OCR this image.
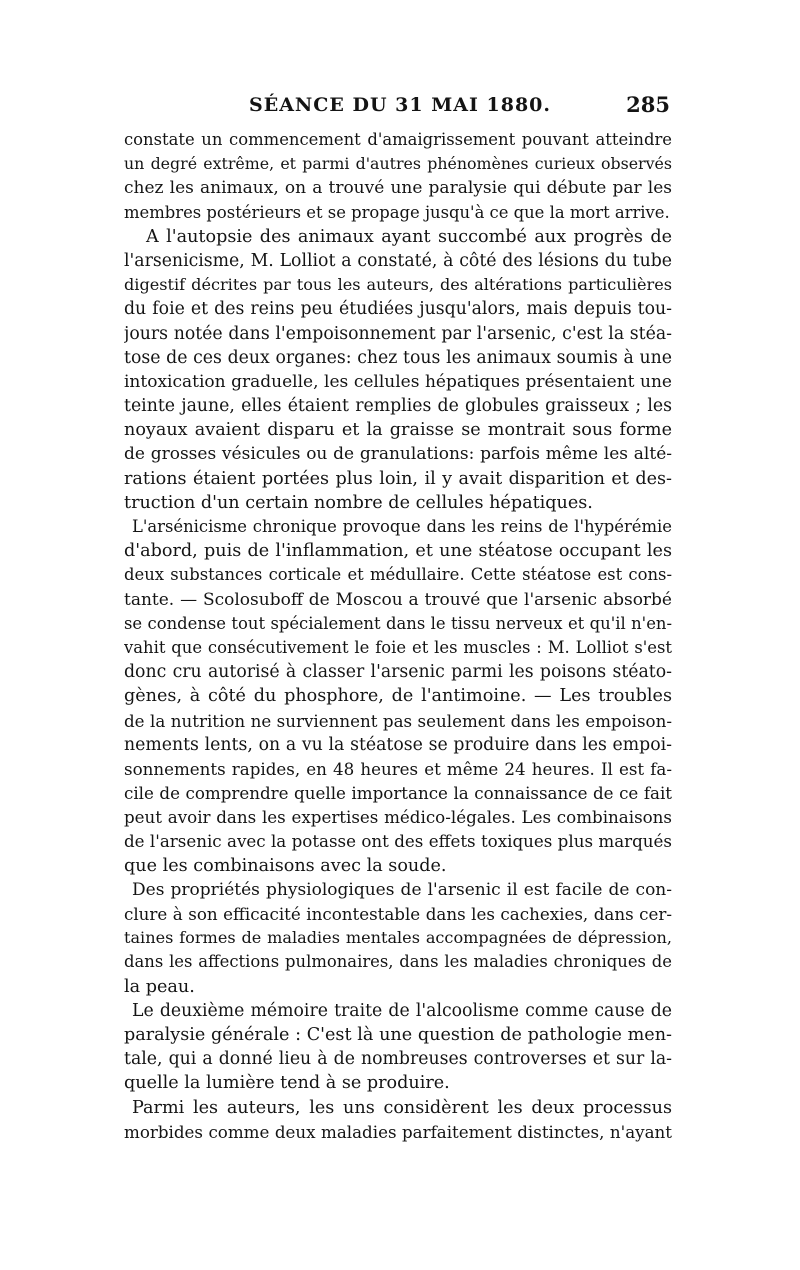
SÉANCE DU 31 MAI 1880.	285
constate un commencement d'amaigrissement pouvant atteindre
un degré extrême, et parmi d'autres phénomènes curieux observés
chez les animaux, on a trouvé une paralysie qui débute par les
membres postérieurs et se propage jusqu'à ce que la mort arrive.
A l'autopsie des animaux ayant succombé aux progrès de
l'arsenicisme, M. Lolliot a constaté, à côté des lésions du tube
digestif décrites par tous les auteurs, des altérations particulières
du foie et des reins peu étudiées jusqu'alors, mais depuis tou-
jours notée dans l'empoisonnement par l'arsenic, c'est la stéa-
tose de ces deux organes: chez tous les animaux soumis à une
intoxication graduelle, les cellules hépatiques présentaient une
teinte jaune, elles étaient remplies de globules graisseux ; les
noyaux avaient disparu et la graisse se montrait sous forme
de grosses vésicules ou de granulations: parfois même les alté-
rations étaient portées plus loin, il y avait disparition et des-
truction d'un certain nombre de cellules hépatiques.
L'arsénicisme chronique provoque dans les reins de l'hypérémie
d'abord, puis de l'inflammation, et une stéatose occupant les
deux substances corticale et médullaire. Cette stéatose est cons-
tante. — Scolosuboff de Moscou a trouvé que l'arsenic absorbé
se condense tout spécialement dans le tissu nerveux et qu'il n'en-
vahit que consécutivement le foie et les muscles : M. Lolliot s'est
donc cru autorisé à classer l'arsenic parmi les poisons stéato-
gènes, à côté du phosphore, de l'antimoine. — Les troubles
de la nutrition ne surviennent pas seulement dans les empoison-
nements lents, on a vu la stéatose se produire dans les empoi-
sonnements rapides, en 48 heures et même 24 heures. Il est fa-
cile de comprendre quelle importance la connaissance de ce fait
peut avoir dans les expertises médico-légales. Les combinaisons
de l'arsenic avec la potasse ont des effets toxiques plus marqués
que les combinaisons avec la soude.
Des propriétés physiologiques de l'arsenic il est facile de con-
clure à son efficacité incontestable dans les cachexies, dans cer-
taines formes de maladies mentales accompagnées de dépression,
dans les affections pulmonaires, dans les maladies chroniques de
la peau.
Le deuxième mémoire traite de l'alcoolisme comme cause de
paralysie générale : C'est là une question de pathologie men-
tale, qui a donné lieu à de nombreuses controverses et sur la-
quelle la lumière tend à se produire.
Parmi les auteurs, les uns considèrent les deux processus
morbides comme deux maladies parfaitement distinctes, n'ayant
